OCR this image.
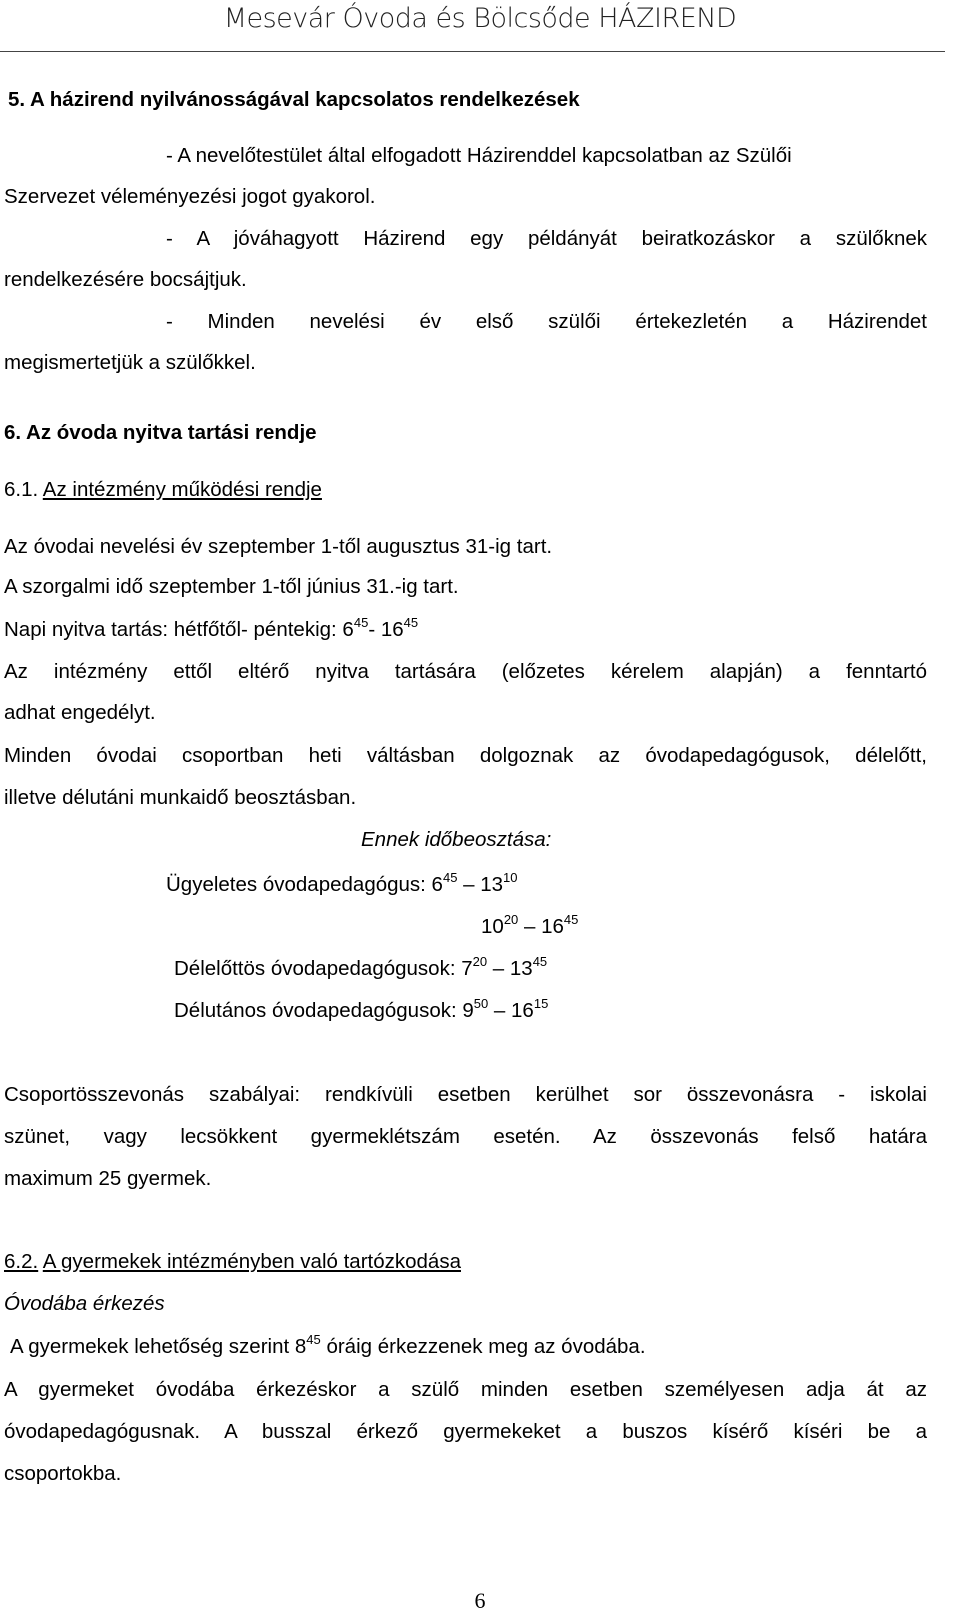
Mesevár Óvoda és Bölcsőde HÁZIREND
5. A házirend nyilvánosságával kapcsolatos rendelkezések
- A nevelőtestület által elfogadott Házirenddel kapcsolatban az Szülői
Szervezet véleményezési jogot gyakorol.
- A jóváhagyott Házirend egy példányát beiratkozáskor a szülőknek
rendelkezésére bocsájtjuk.
- Minden nevelési év első szülői értekezletén a Házirendet
megismertetjük a szülőkkel.
6. Az óvoda nyitva tartási rendje
6.1. Az intézmény működési rendje
Az óvodai nevelési év szeptember 1-től augusztus 31-ig tart.
A szorgalmi idő szeptember 1-től június 31.-ig tart.
Napi nyitva tartás: hétfőtől- péntekig: $6^{45}-$ $16^{45}$
Az intézmény ettől eltérő nyitva tartására (előzetes kérelem alapján) a fenntartó
adhat engedélyt.
Minden óvodai csoportban heti váltásban dolgoznak az óvodapedagógusok, délelőtt,
illetve délutáni munkaidő beosztásban.
Ennek időbeosztása:
Ügyeletes óvodapedagógus: $6^{45} - 13^{10}$
$10^{20} - 16^{45}$
Délelőttös óvodapedagógusok: $7^{20} - 13^{45}$
Délutános óvodapedagógusok: $9^{50} - 16^{15}$
Csoportösszevonás szabályai: rendkívüli esetben kerülhet sor összevonásra - iskolai
szünet, vagy lecsökkent gyermeklétszám esetén. Az összevonás felső határa
maximum 25 gyermek.
6.2. A gyermekek intézményben való tartózkodása
Óvodába érkezés
A gyermekek lehetőség szerint $8^{45}$ óráig érkezzenek meg az óvodába.
A gyermeket óvodába érkezéskor a szülő minden esetben személyesen adja át az
óvodapedagógusnak. A busszal érkező gyermekeket a buszos kísérő kíséri be a
csoportokba.
6
